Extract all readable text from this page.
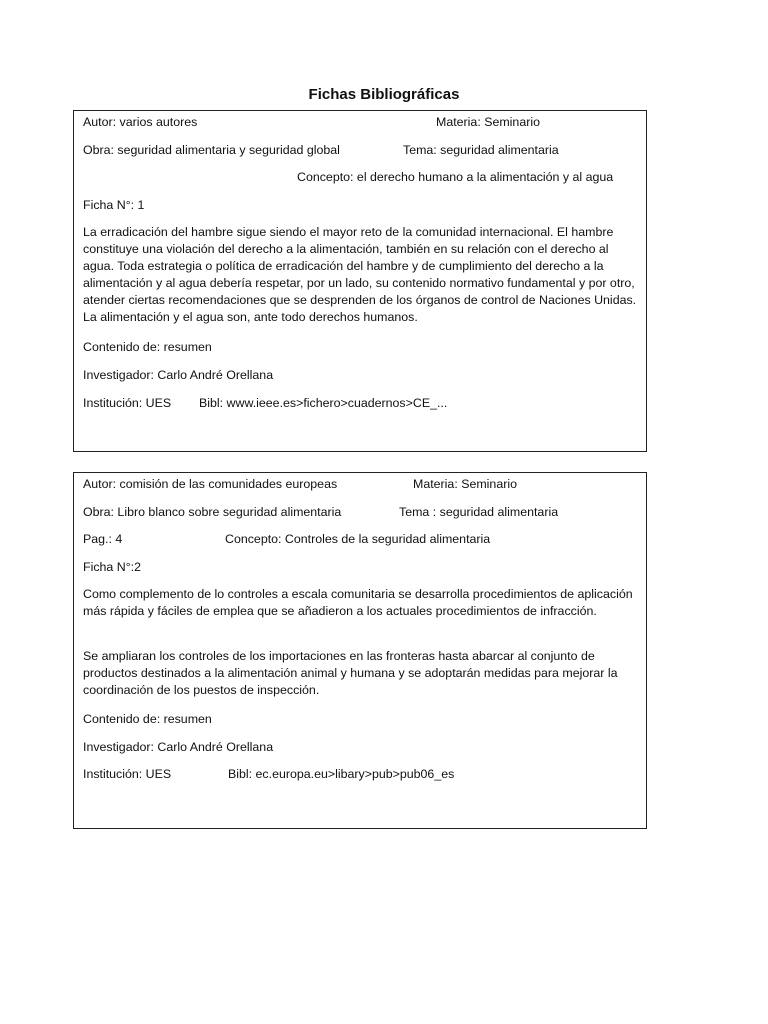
Fichas Bibliográficas
Autor: varios autores	Materia: Seminario
Obra: seguridad alimentaria y seguridad global	Tema: seguridad alimentaria
Concepto: el derecho humano a la alimentación y al agua
Ficha N°: 1
La erradicación del hambre sigue siendo el mayor reto de la comunidad internacional. El hambre constituye una violación del derecho a la alimentación, también en su relación con el derecho al agua. Toda estrategia o política de erradicación del hambre y de cumplimiento del derecho a la alimentación y al agua debería respetar, por un lado, su contenido normativo fundamental y por otro, atender ciertas recomendaciones que se desprenden de los órganos de control de Naciones Unidas. La alimentación y el agua son, ante todo derechos humanos.
Contenido de: resumen
Investigador: Carlo André Orellana
Institución: UES Bibl: www.ieee.es>fichero>cuadernos>CE_...
Autor: comisión de las comunidades europeas	Materia: Seminario
Obra: Libro blanco sobre seguridad alimentaria	Tema : seguridad alimentaria
Pag.: 4	Concepto: Controles de la seguridad alimentaria
Ficha N°:2
Como complemento de lo controles a escala comunitaria se desarrolla procedimientos de aplicación más rápida y fáciles de emplea que se añadieron a los actuales procedimientos de infracción.
Se ampliaran los controles de los importaciones en las fronteras hasta abarcar al conjunto de productos destinados a la alimentación animal y humana y se adoptarán medidas para mejorar la coordinación de los puestos de inspección.
Contenido de: resumen
Investigador: Carlo André Orellana
Institución: UES	Bibl: ec.europa.eu>libary>pub>pub06_es
